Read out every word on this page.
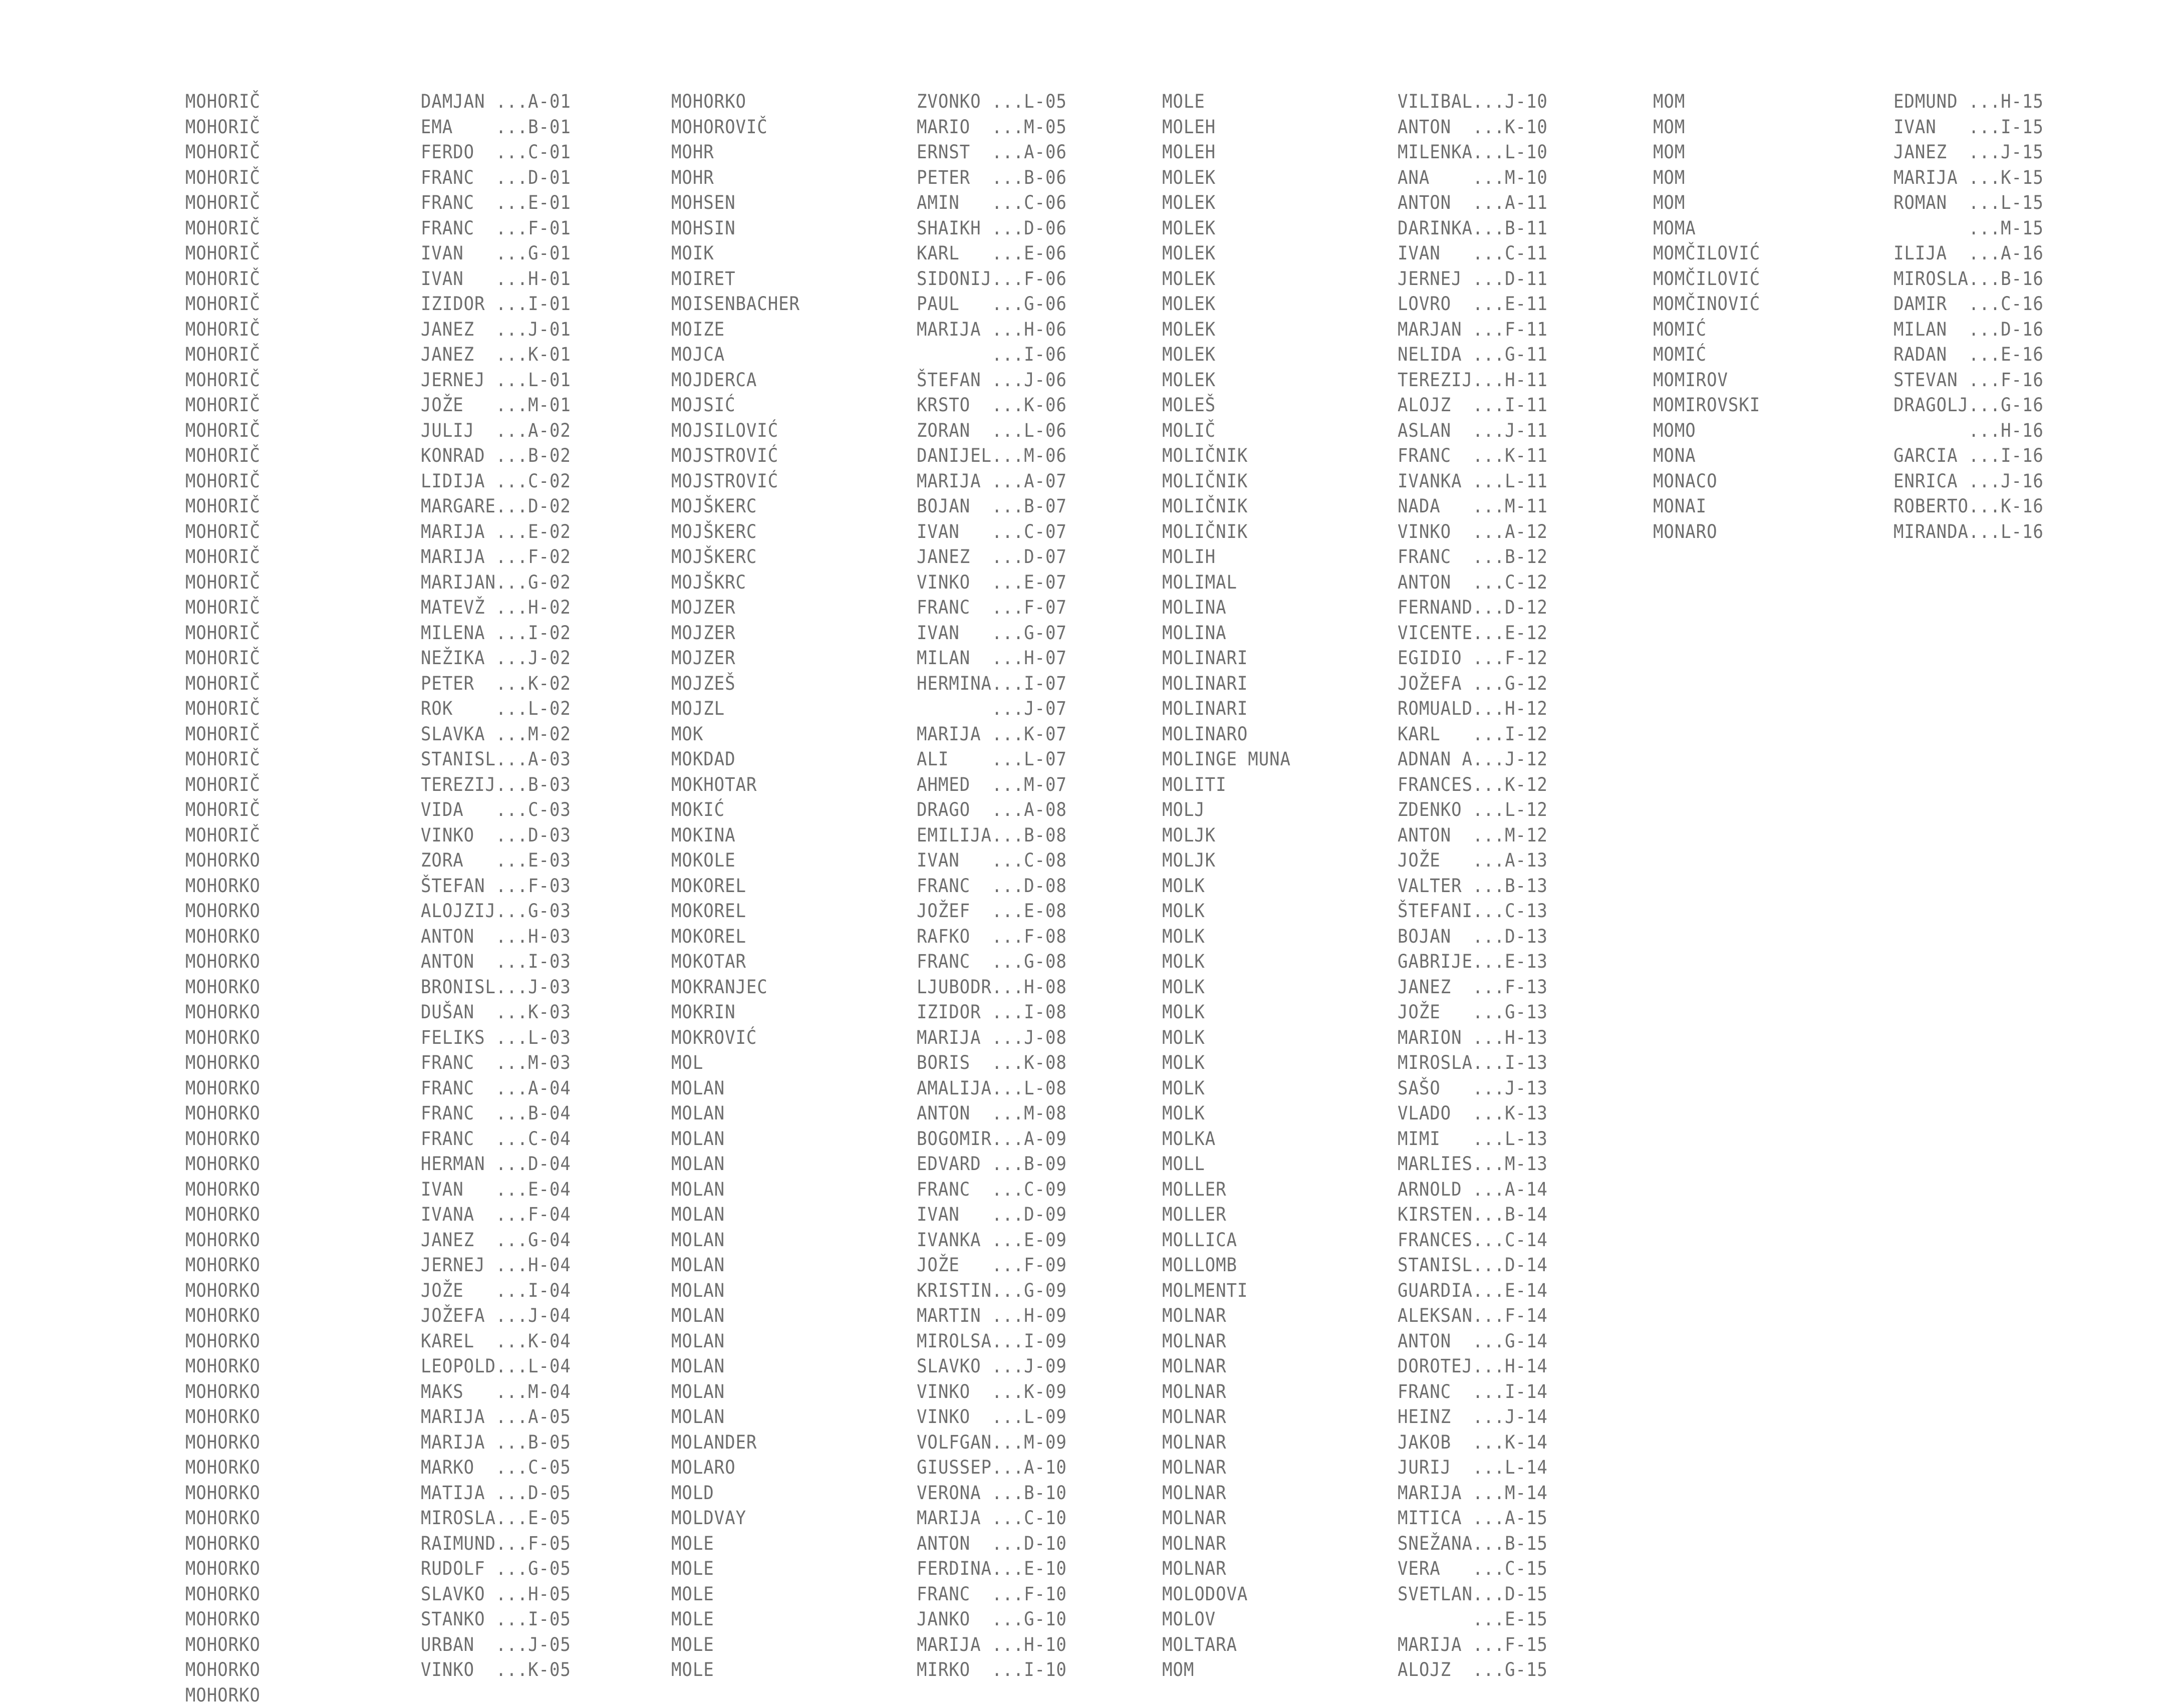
MOHORIČ
MOHORIČ
MOHORIČ
MOHORIČ
MOHORIČ
MOHORIČ
MOHORIČ
MOHORIČ
MOHORIČ
MOHORIČ
MOHORIČ
MOHORIČ
MOHORIČ
MOHORIČ
MOHORIČ
MOHORIČ
MOHORIČ
MOHORIČ
MOHORIČ
MOHORIČ
MOHORIČ
MOHORIČ
MOHORIČ
MOHORIČ
MOHORIČ
MOHORIČ
MOHORIČ
MOHORIČ
MOHORIČ
MOHORIČ
MOHORKO
MOHORKO
MOHORKO
MOHORKO
MOHORKO
MOHORKO
MOHORKO
MOHORKO
MOHORKO
MOHORKO
MOHORKO
MOHORKO
MOHORKO
MOHORKO
MOHORKO
MOHORKO
MOHORKO
MOHORKO
MOHORKO
MOHORKO
MOHORKO
MOHORKO
MOHORKO
MOHORKO
MOHORKO
MOHORKO
MOHORKO
MOHORKO
MOHORKO
MOHORKO
MOHORKO
MOHORKO
MOHORKO
MOHORKO
DAMJAN ...A-01
EMA    ...B-01
FERDO  ...C-01
FRANC  ...D-01
FRANC  ...E-01
FRANC  ...F-01
IVAN   ...G-01
IVAN   ...H-01
IZIDOR ...I-01
JANEZ  ...J-01
JANEZ  ...K-01
JERNEJ ...L-01
JOŽE   ...M-01
JULIJ  ...A-02
KONRAD ...B-02
LIDIJA ...C-02
MARGARE...D-02
MARIJA ...E-02
MARIJA ...F-02
MARIJAN...G-02
MATEVŽ ...H-02
MILENA ...I-02
NEŽIKA ...J-02
PETER  ...K-02
ROK    ...L-02
SLAVKA ...M-02
STANISL...A-03
TEREZIJ...B-03
VIDA   ...C-03
VINKO  ...D-03
ZORA   ...E-03
ŠTEFAN ...F-03
ALOJZIJ...G-03
ANTON  ...H-03
ANTON  ...I-03
BRONISL...J-03
DUŠAN  ...K-03
FELIKS ...L-03
FRANC  ...M-03
FRANC  ...A-04
FRANC  ...B-04
FRANC  ...C-04
HERMAN ...D-04
IVAN   ...E-04
IVANA  ...F-04
JANEZ  ...G-04
JERNEJ ...H-04
JOŽE   ...I-04
JOŽEFA ...J-04
KAREL  ...K-04
LEOPOLD...L-04
MAKS   ...M-04
MARIJA ...A-05
MARIJA ...B-05
MARKO  ...C-05
MATIJA ...D-05
MIROSLA...E-05
RAIMUND...F-05
RUDOLF ...G-05
SLAVKO ...H-05
STANKO ...I-05
URBAN  ...J-05
VINKO  ...K-05
MOHORKO
MOHOROVIČ
MOHR
MOHR
MOHSEN
MOHSIN
MOIK
MOIRET
MOISENBACHER
MOIZE
MOJCA
MOJDERCA
MOJSIĆ
MOJSILOVIĆ
MOJSTROVIĆ
MOJSTROVIĆ
MOJŠKERC
MOJŠKERC
MOJŠKERC
MOJŠKRC
MOJZER
MOJZER
MOJZER
MOJZEŠ
MOJZL
MOK
MOKDAD
MOKHOTAR
MOKIĆ
MOKINA
MOKOLE
MOKOREL
MOKOREL
MOKOREL
MOKOTAR
MOKRANJEC
MOKRIN
MOKROVIĆ
MOL
MOLAN
MOLAN
MOLAN
MOLAN
MOLAN
MOLAN
MOLAN
MOLAN
MOLAN
MOLAN
MOLAN
MOLAN
MOLAN
MOLAN
MOLANDER
MOLARO
MOLD
MOLDVAY
MOLE
MOLE
MOLE
MOLE
MOLE
MOLE
ZVONKO ...L-05
MARIO  ...M-05
ERNST  ...A-06
PETER  ...B-06
AMIN   ...C-06
SHAIKH ...D-06
KARL   ...E-06
SIDONIJ...F-06
PAUL   ...G-06
MARIJA ...H-06
...I-06
ŠTEFAN ...J-06
KRSTO  ...K-06
ZORAN  ...L-06
DANIJEL...M-06
MARIJA ...A-07
BOJAN  ...B-07
IVAN   ...C-07
JANEZ  ...D-07
VINKO  ...E-07
FRANC  ...F-07
IVAN   ...G-07
MILAN  ...H-07
HERMINA...I-07
...J-07
MARIJA ...K-07
ALI    ...L-07
AHMED  ...M-07
DRAGO  ...A-08
EMILIJA...B-08
IVAN   ...C-08
FRANC  ...D-08
JOŽEF  ...E-08
RAFKO  ...F-08
FRANC  ...G-08
LJUBODR...H-08
IZIDOR ...I-08
MARIJA ...J-08
BORIS  ...K-08
AMALIJA...L-08
ANTON  ...M-08
BOGOMIR...A-09
EDVARD ...B-09
FRANC  ...C-09
IVAN   ...D-09
IVANKA ...E-09
JOŽE   ...F-09
KRISTIN...G-09
MARTIN ...H-09
MIROLSA...I-09
SLAVKO ...J-09
VINKO  ...K-09
VINKO  ...L-09
VOLFGAN...M-09
GIUSSEP...A-10
VERONA ...B-10
MARIJA ...C-10
ANTON  ...D-10
FERDINA...E-10
FRANC  ...F-10
JANKO  ...G-10
MARIJA ...H-10
MIRKO  ...I-10
MOLE
MOLEH
MOLEH
MOLEK
MOLEK
MOLEK
MOLEK
MOLEK
MOLEK
MOLEK
MOLEK
MOLEK
MOLEŠ
MOLIČ
MOLIČNIK
MOLIČNIK
MOLIČNIK
MOLIČNIK
MOLIH
MOLIMAL
MOLINA
MOLINA
MOLINARI
MOLINARI
MOLINARI
MOLINARO
MOLINGE MUNA
MOLITI
MOLJ
MOLJK
MOLJK
MOLK
MOLK
MOLK
MOLK
MOLK
MOLK
MOLK
MOLK
MOLK
MOLK
MOLKA
MOLL
MOLLER
MOLLER
MOLLICA
MOLLOMB
MOLMENTI
MOLNAR
MOLNAR
MOLNAR
MOLNAR
MOLNAR
MOLNAR
MOLNAR
MOLNAR
MOLNAR
MOLNAR
MOLNAR
MOLODOVA
MOLOV
MOLTARA
MOM
VILIBAL...J-10
ANTON  ...K-10
MILENKA...L-10
ANA    ...M-10
ANTON  ...A-11
DARINKA...B-11
IVAN   ...C-11
JERNEJ ...D-11
LOVRO  ...E-11
MARJAN ...F-11
NELIDA ...G-11
TEREZIJ...H-11
ALOJZ  ...I-11
ASLAN  ...J-11
FRANC  ...K-11
IVANKA ...L-11
NADA   ...M-11
VINKO  ...A-12
FRANC  ...B-12
ANTON  ...C-12
FERNAND...D-12
VICENTE...E-12
EGIDIO ...F-12
JOŽEFA ...G-12
ROMUALD...H-12
KARL   ...I-12
ADNAN A...J-12
FRANCES...K-12
ZDENKO ...L-12
ANTON  ...M-12
JOŽE   ...A-13
VALTER ...B-13
ŠTEFANI...C-13
BOJAN  ...D-13
GABRIJE...E-13
JANEZ  ...F-13
JOŽE   ...G-13
MARION ...H-13
MIROSLA...I-13
SAŠO   ...J-13
VLADO  ...K-13
MIMI   ...L-13
MARLIES...M-13
ARNOLD ...A-14
KIRSTEN...B-14
FRANCES...C-14
STANISL...D-14
GUARDIA...E-14
ALEKSAN...F-14
ANTON  ...G-14
DOROTEJ...H-14
FRANC  ...I-14
HEINZ  ...J-14
JAKOB  ...K-14
JURIJ  ...L-14
MARIJA ...M-14
MITICA ...A-15
SNEŽANA...B-15
VERA   ...C-15
SVETLAN...D-15
...E-15
MARIJA ...F-15
ALOJZ  ...G-15
MOM
MOM
MOM
MOM
MOM
MOMA
MOMČILOVIĆ
MOMČILOVIĆ
MOMČINOVIĆ
MOMIĆ
MOMIĆ
MOMIROV
MOMIROVSKI
MOMO
MONA
MONACO
MONAI
MONARO
EDMUND ...H-15
IVAN   ...I-15
JANEZ  ...J-15
MARIJA ...K-15
ROMAN  ...L-15
...M-15
ILIJA  ...A-16
MIROSLA...B-16
DAMIR  ...C-16
MILAN  ...D-16
RADAN  ...E-16
STEVAN ...F-16
DRAGOLJ...G-16
...H-16
GARCIA ...I-16
ENRICA ...J-16
ROBERTO...K-16
MIRANDA...L-16
